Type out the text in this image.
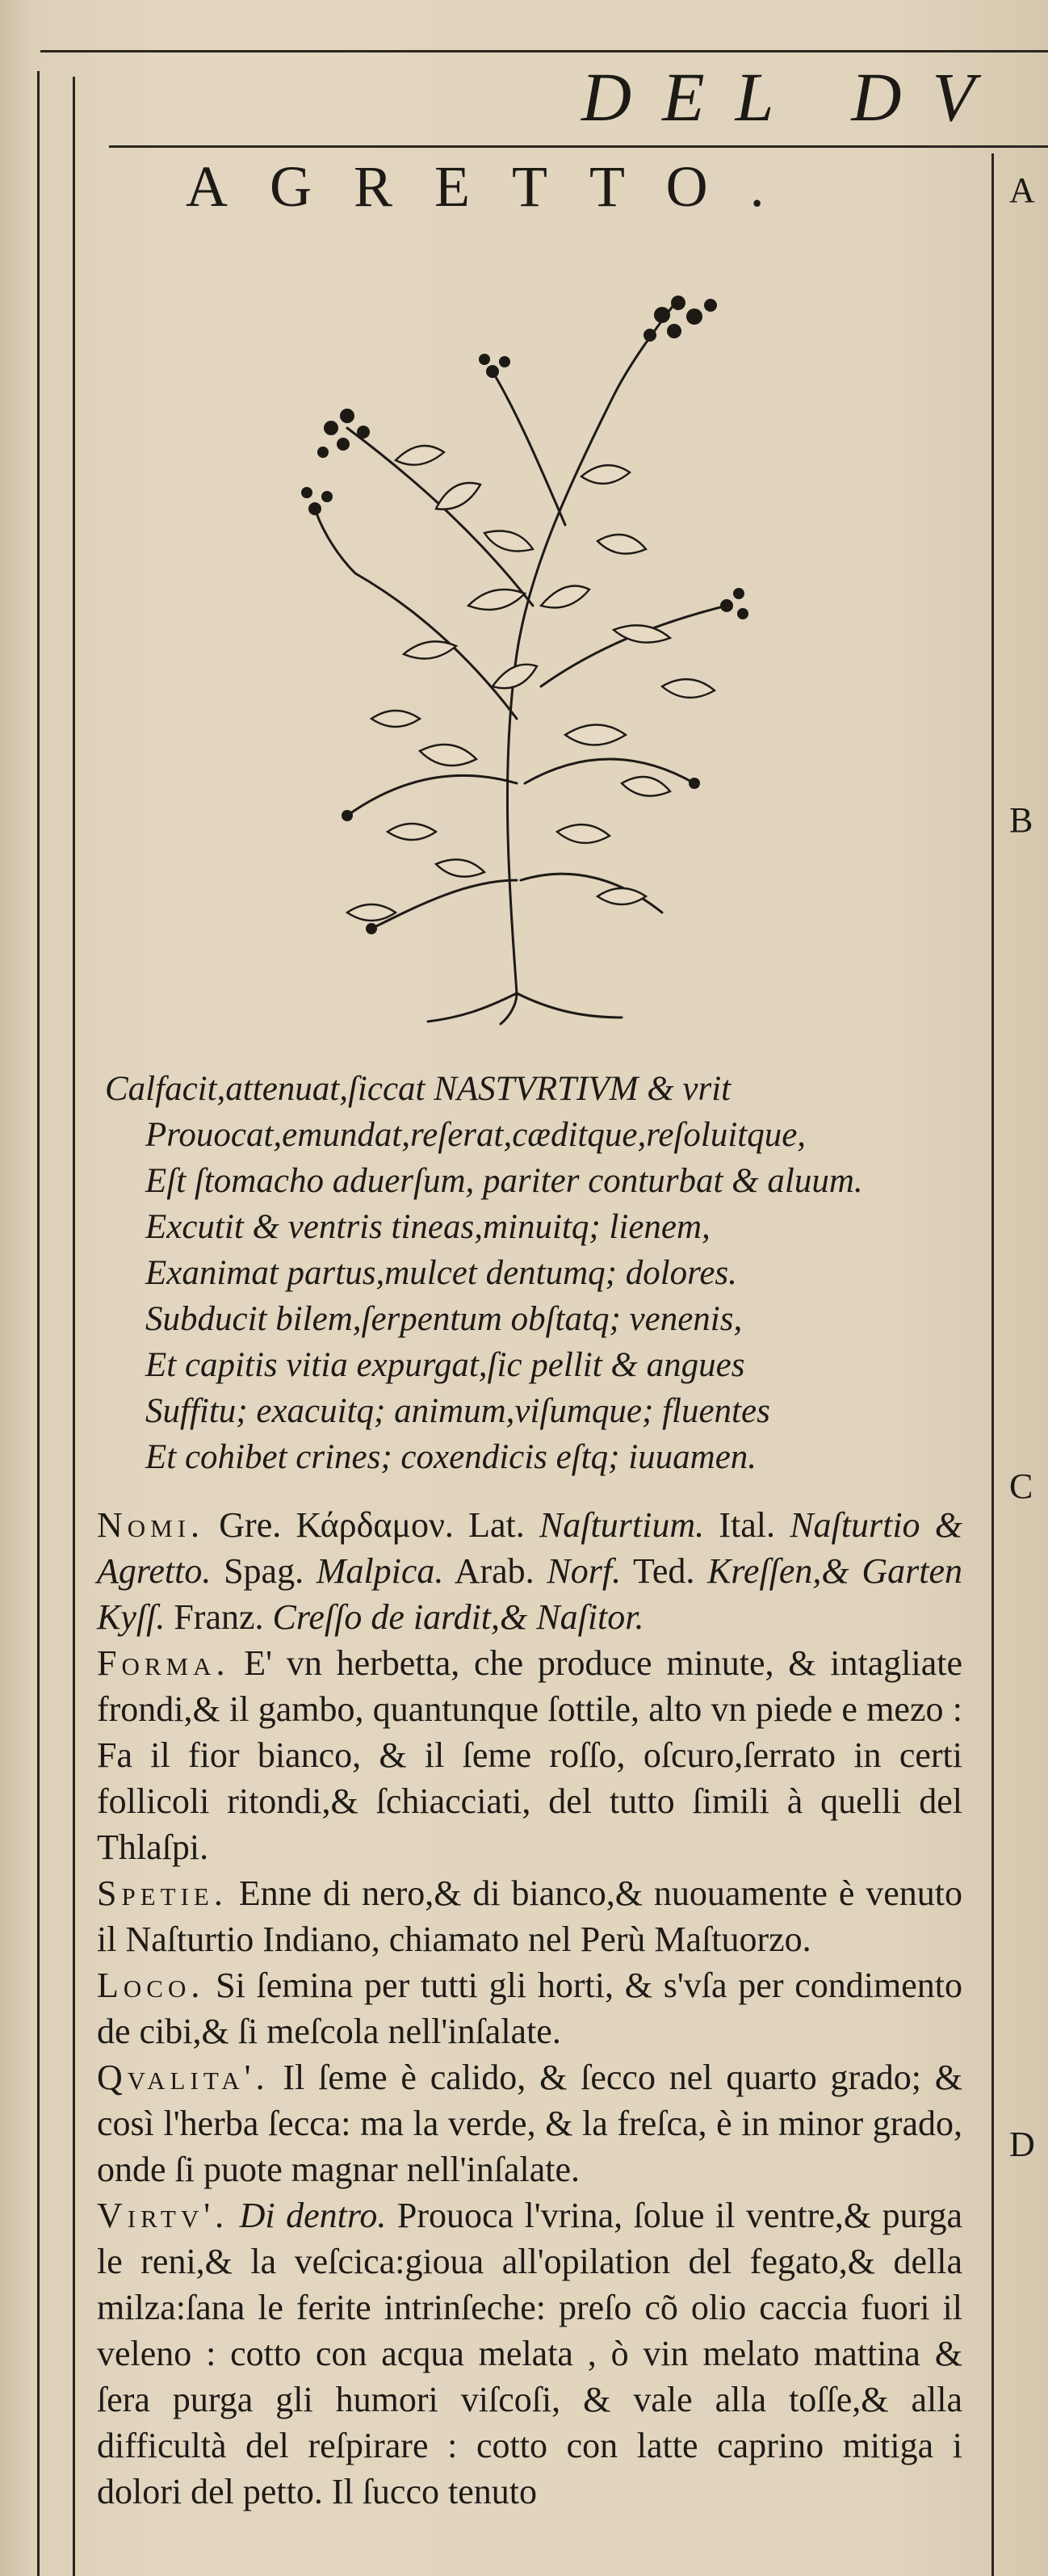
DEL DV
AGRETTO.	A
B
C
D
Calfacit,attenuat,ſiccat NASTVRTIVM & vrit
Prouocat,emundat,reſerat,cæditque,reſoluitque,
Eſt ſtomacho aduerſum, pariter conturbat & aluum.
Excutit & ventris tineas,minuitq; lienem,
Exanimat partus,mulcet dentumq; dolores.
Subducit bilem,ſerpentum obſtatq; venenis,
Et capitis vitia expurgat,ſic pellit & angues
Suffitu; exacuitq; animum,viſumque; fluentes
Et cohibet crines; coxendicis eſtq; iuuamen.

Nomi. Gre. Κάρδαμον. Lat. Naſturtium. Ital. Naſturtio & Agretto. Spag. Malpica. Arab. Norf. Ted. Kreſſen,& Garten Kyſſ. Franz. Creſſo de iardit,& Naſitor.

Forma. E' vn herbetta, che produce minute, & intagliate frondi,& il gambo, quantunque ſottile, alto vn piede e mezo : Fa il fior bianco, & il ſeme roſſo, oſcuro,ſerrato in certi follicoli ritondi,& ſchiacciati, del tutto ſimili à quelli del Thlaſpi.

Spetie. Enne di nero,& di bianco,& nuouamente è venuto il Naſturtio Indiano, chiamato nel Perù Maſtuorzo.

Loco. Si ſemina per tutti gli horti, & s'vſa per condimento de cibi,& ſi meſcola nell'inſalate.

Qvalita'. Il ſeme è calido, & ſecco nel quarto grado; & così l'herba ſecca: ma la verde, & la freſca, è in minor grado, onde ſi puote magnar nell'inſalate.

Virtv'. Di dentro. Prouoca l'vrina, ſolue il ventre,& purga le reni,& la veſcica:gioua all'opilation del fegato,& della milza:ſana le ferite intrinſeche: preſo cõ olio caccia fuori il veleno : cotto con acqua melata , ò vin melato mattina & ſera purga gli humori viſcoſi, & vale alla toſſe,& alla difficultà del reſpirare : cotto con latte caprino mitiga i dolori del petto. Il ſucco tenuto
